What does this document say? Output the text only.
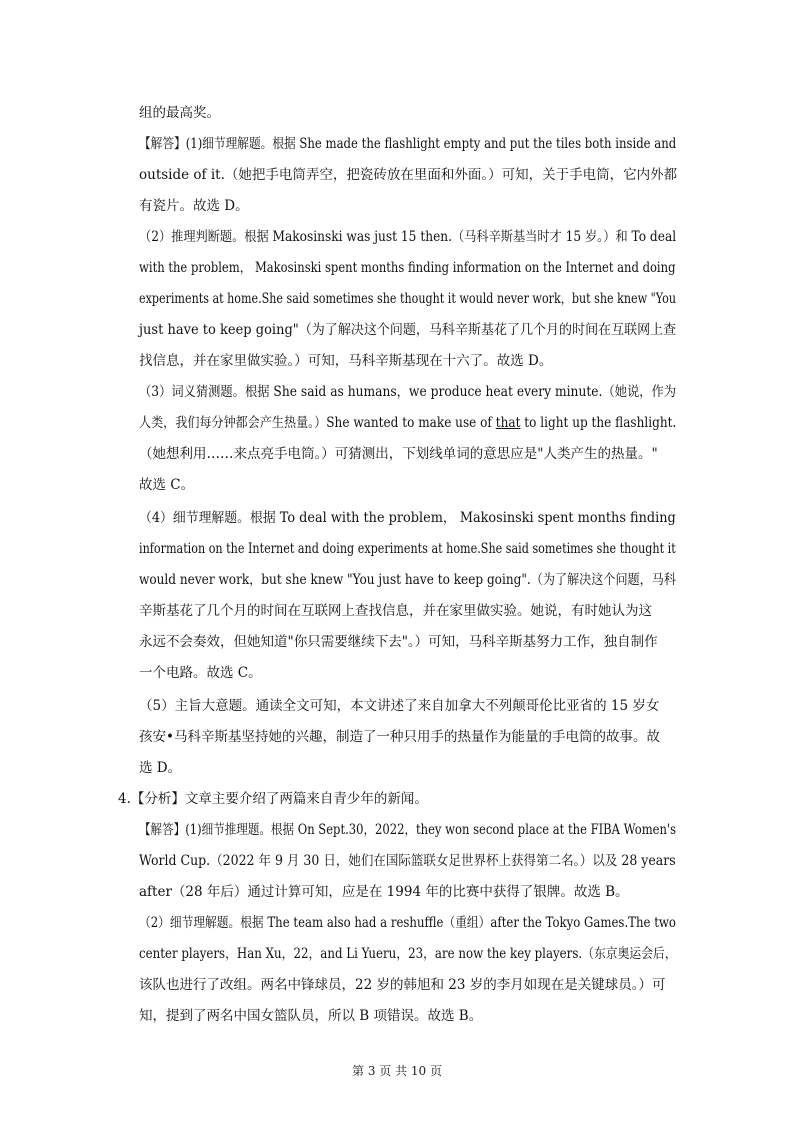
组的最高奖。
【解答】(1)细节理解题。根据 She made the flashlight empty and put the tiles both inside and
outside of it.（她把手电筒弄空，把瓷砖放在里面和外面。）可知，关于手电筒，它内外都
有瓷片。故选 D。
（2）推理判断题。根据 Makosinski was just 15 then.（马科辛斯基当时才 15 岁。）和 To deal
with the problem， Makosinski spent months finding information on the Internet and doing
experiments at home.She said sometimes she thought it would never work，but she knew "You
just have to keep going"（为了解决这个问题，马科辛斯基花了几个月的时间在互联网上查
找信息，并在家里做实验。）可知，马科辛斯基现在十六了。故选 D。
（3）词义猜测题。根据 She said as humans，we produce heat every minute.（她说，作为
人类，我们每分钟都会产生热量。）She wanted to make use of that to light up the flashlight.
（她想利用……来点亮手电筒。）可猜测出，下划线单词的意思应是"人类产生的热量。"
故选 C。
（4）细节理解题。根据 To deal with the problem， Makosinski spent months finding
information on the Internet and doing experiments at home.She said sometimes she thought it
would never work，but she knew "You just have to keep going".（为了解决这个问题，马科
辛斯基花了几个月的时间在互联网上查找信息，并在家里做实验。她说，有时她认为这
永远不会奏效，但她知道"你只需要继续下去"。）可知，马科辛斯基努力工作，独自制作
一个电路。故选 C。
（5）主旨大意题。通读全文可知，本文讲述了来自加拿大不列颠哥伦比亚省的 15 岁女
孩安•马科辛斯基坚持她的兴趣，制造了一种只用手的热量作为能量的手电筒的故事。故
选 D。
4.【分析】文章主要介绍了两篇来自青少年的新闻。
【解答】(1)细节推理题。根据 On Sept.30，2022，they won second place at the FIBA Women's
World Cup.（2022 年 9 月 30 日，她们在国际篮联女足世界杯上获得第二名。）以及 28 years
after（28 年后）通过计算可知，应是在 1994 年的比赛中获得了银牌。故选 B。
（2）细节理解题。根据 The team also had a reshuffle（重组）after the Tokyo Games.The two
center players，Han Xu，22，and Li Yueru，23，are now the key players.（东京奥运会后，
该队也进行了改组。两名中锋球员，22 岁的韩旭和 23 岁的李月如现在是关键球员。）可
知，提到了两名中国女篮队员，所以 B 项错误。故选 B。
第 3 页 共 10 页
